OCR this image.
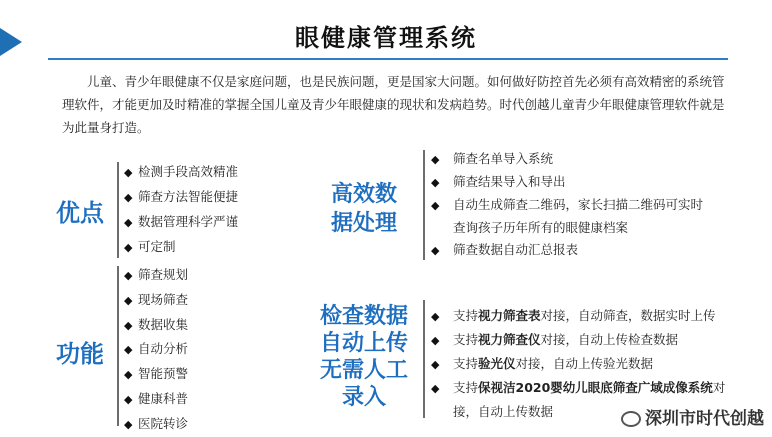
眼健康管理系统

儿童、青少年眼健康不仅是家庭问题，也是民族问题，更是国家大问题。如何做好防控首先必须有高效精密的系统管理软件，才能更加及时精准的掌握全国儿童及青少年眼健康的现状和发病趋势。时代创越儿童青少年眼健康管理软件就是为此量身打造。

优点
◆ 检测手段高效精准
◆ 筛查方法智能便捷
◆ 数据管理科学严谨
◆ 可定制
功能
◆ 筛查规划
◆ 现场筛查
◆ 数据收集
◆ 自动分析
◆ 智能预警
◆ 健康科普
◆ 医院转诊
高效数
据处理
◆ 筛查名单导入系统
◆ 筛查结果导入和导出
◆ 自动生成筛查二维码，家长扫描二维码可实时
查询孩子历年所有的眼健康档案
◆ 筛查数据自动汇总报表
检查数据
自动上传
无需人工
录入
◆ 支持视力筛查表对接，自动筛查，数据实时上传
◆ 支持视力筛查仪对接，自动上传检查数据
◆ 支持验光仪对接，自动上传验光数据
◆ 支持保视洁2020婴幼儿眼底筛查广域成像系统对
接，自动上传数据	深圳市时代创越
